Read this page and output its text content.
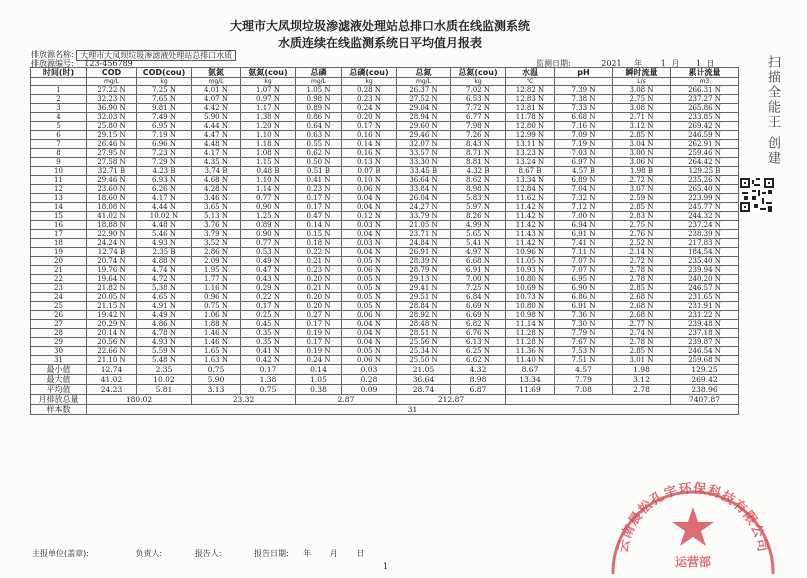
大理市大凤坝垃圾渗滤液处理站总排口水质在线监测系统
水质连续在线监测系统日平均值月报表
排放源名称: 大理市大凤坝垃圾渗滤液处理站总排口水质
排放源编号: 123-456789	监测日期:	2021 年 1 月 1 日
时间(时)	COD	COD(cou)	氨氮	氨氮(cou)	总磷	总磷(cou)	总氮	总氮(cou)	水温	pH	瞬时流量	累计流量
	mg/L	kg	mg/L	kg	mg/L	kg	mg/L	kg	℃		L/s	m3
1	27.22 N	7.25 N	4.01 N	1.07 N	1.05 N	0.28 N	26.37 N	7.02 N	12.82 N	7.39 N	3.08 N	266.31 N
2	32.23 N	7.65 N	4.07 N	0.97 N	0.98 N	0.23 N	27.52 N	6.53 N	12.83 N	7.38 N	2.75 N	237.27 N
3	36.90 N	9.81 N	4.42 N	1.17 N	0.89 N	0.24 N	29.04 N	7.72 N	12.81 N	7.33 N	3.08 N	265.86 N
4	32.03 N	7.49 N	5.90 N	1.38 N	0.86 N	0.20 N	28.94 N	6.77 N	11.78 N	6.68 N	2.71 N	233.85 N
5	25.80 N	6.95 N	4.44 N	1.20 N	0.64 N	0.17 N	29.60 N	7.98 N	12.80 N	7.16 N	3.12 N	269.42 N
6	29.15 N	7.19 N	4.47 N	1.10 N	0.63 N	0.16 N	29.46 N	7.26 N	12.99 N	7.09 N	2.85 N	246.59 N
7	26.46 N	6.96 N	4.48 N	1.18 N	0.55 N	0.14 N	32.07 N	8.43 N	13.11 N	7.19 N	3.04 N	262.91 N
8	27.95 N	7.23 N	4.17 N	1.08 N	0.62 N	0.16 N	33.57 N	8.71 N	13.23 N	7.03 N	3.00 N	259.46 N
9	27.58 N	7.29 N	4.35 N	1.15 N	0.50 N	0.13 N	33.30 N	8.81 N	13.24 N	6.97 N	3.06 N	264.42 N
10	32.71 B	4.23 B	3.74 B	0.48 B	0.51 B	0.07 B	33.45 B	4.32 B	8.67 B	4.57 B	1.98 B	129.25 B
11	29.46 N	6.93 N	4.68 N	1.10 N	0.41 N	0.10 N	36.64 N	8.62 N	13.34 N	6.89 N	2.72 N	235.26 N
12	23.60 N	6.26 N	4.28 N	1.14 N	0.23 N	0.06 N	33.84 N	8.98 N	12.84 N	7.04 N	3.07 N	265.40 N
13	18.60 N	4.17 N	3.46 N	0.77 N	0.17 N	0.04 N	26.04 N	5.83 N	11.62 N	7.32 N	2.59 N	223.99 N
14	18.08 N	4.44 N	3.65 N	0.90 N	0.17 N	0.04 N	24.27 N	5.97 N	11.42 N	7.12 N	2.85 N	245.77 N
15	41.02 N	10.02 N	5.13 N	1.25 N	0.47 N	0.12 N	33.79 N	8.26 N	11.42 N	7.00 N	2.83 N	244.32 N
16	18.88 N	4.48 N	3.76 N	0.89 N	0.14 N	0.03 N	21.05 N	4.99 N	11.42 N	6.94 N	2.75 N	237.24 N
17	22.90 N	5.46 N	3.79 N	0.90 N	0.15 N	0.04 N	23.71 N	5.65 N	11.43 N	6.91 N	2.76 N	238.39 N
18	24.24 N	4.93 N	3.52 N	0.77 N	0.18 N	0.03 N	24.84 N	5.41 N	11.42 N	7.41 N	2.52 N	217.83 N
19	12.74 B	2.35 B	2.86 N	0.53 N	0.22 N	0.04 N	26.91 N	4.97 N	10.96 N	7.11 N	2.14 N	184.54 N
20	20.74 N	4.88 N	2.09 N	0.49 N	0.21 N	0.05 N	28.39 N	6.68 N	11.05 N	7.07 N	2.72 N	235.40 N
21	19.76 N	4.74 N	1.95 N	0.47 N	0.23 N	0.06 N	28.79 N	6.91 N	10.93 N	7.07 N	2.78 N	239.94 N
22	19.64 N	4.72 N	1.77 N	0.43 N	0.20 N	0.05 N	29.13 N	7.00 N	10.80 N	6.95 N	2.78 N	240.20 N
23	21.82 N	5.38 N	1.16 N	0.29 N	0.21 N	0.05 N	29.41 N	7.25 N	10.69 N	6.90 N	2.85 N	246.57 N
24	20.05 N	4.65 N	0.96 N	0.22 N	0.20 N	0.05 N	29.51 N	6.84 N	10.73 N	6.86 N	2.68 N	231.65 N
25	21.15 N	4.91 N	0.75 N	0.17 N	0.20 N	0.05 N	28.84 N	6.69 N	10.80 N	6.91 N	2.68 N	231.91 N
26	19.42 N	4.49 N	1.06 N	0.25 N	0.27 N	0.06 N	28.92 N	6.69 N	10.98 N	7.36 N	2.68 N	231.22 N
27	20.29 N	4.86 N	1.88 N	0.45 N	0.17 N	0.04 N	28.48 N	6.82 N	11.14 N	7.30 N	2.77 N	239.48 N
28	20.14 N	4.78 N	1.46 N	0.35 N	0.19 N	0.04 N	28.51 N	6.76 N	11.28 N	7.79 N	2.74 N	237.18 N
29	20.56 N	4.93 N	1.46 N	0.35 N	0.17 N	0.04 N	25.56 N	6.13 N	11.28 N	7.67 N	2.78 N	239.87 N
30	22.66 N	5.59 N	1.65 N	0.41 N	0.19 N	0.05 N	25.34 N	6.25 N	11.36 N	7.53 N	2.85 N	246.54 N
31	21.10 N	5.48 N	1.63 N	0.42 N	0.24 N	0.06 N	25.50 N	6.62 N	11.40 N	7.51 N	3.01 N	259.68 N
最小值	12.74	2.35	0.75	0.17	0.14	0.03	21.05	4.32	8.67	4.57	1.98	129.25
最大值	41.02	10.02	5.90	1.38	1.05	0.28	36.64	8.98	13.34	7.79	3.12	269.42
平均值	24.23	5.81	3.13	0.75	0.38	0.09	28.74	6.87	11.69	7.08	2.78	238.96
月排放总量	180.02		23.32		2.87		212.87					7407.87
样本数	31											
扫描全能王 创建
主报单位(盖章):	负责人:	报告人:	报告日期: 年 月 日
1
云南晨松孔宇环保科技有限公司
运营部
